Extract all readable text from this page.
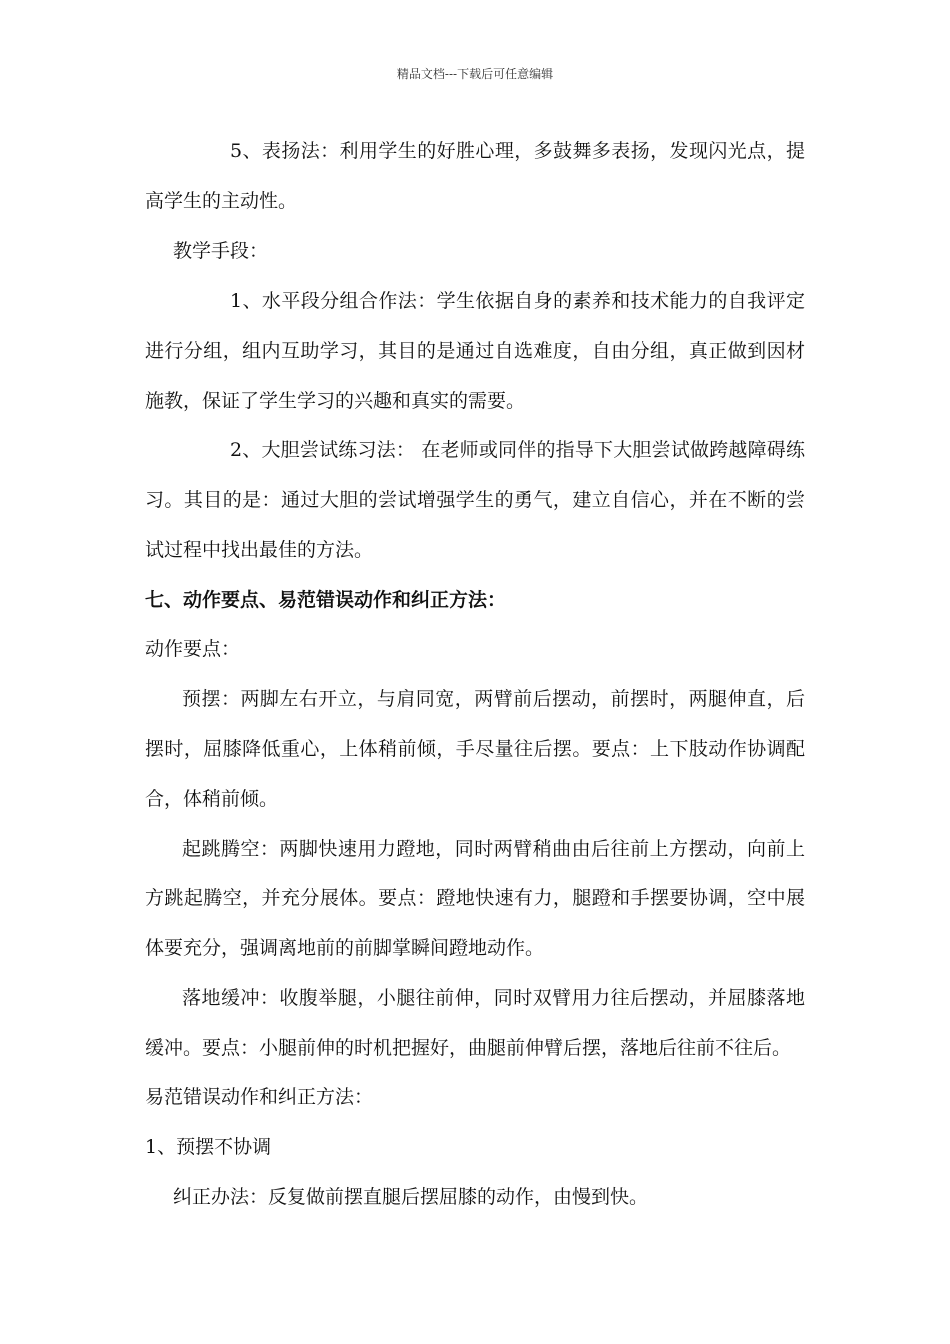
精品文档---下载后可任意编辑
5、表扬法：利用学生的好胜心理，多鼓舞多表扬，发现闪光点，提
高学生的主动性。
教学手段：
1、水平段分组合作法：学生依据自身的素养和技术能力的自我评定
进行分组，组内互助学习，其目的是通过自选难度，自由分组，真正做到因材
施教，保证了学生学习的兴趣和真实的需要。
2、大胆尝试练习法： 在老师或同伴的指导下大胆尝试做跨越障碍练
习。其目的是：通过大胆的尝试增强学生的勇气，建立自信心，并在不断的尝
试过程中找出最佳的方法。
七、动作要点、易范错误动作和纠正方法：
动作要点：
预摆：两脚左右开立，与肩同宽，两臂前后摆动，前摆时，两腿伸直，后
摆时，屈膝降低重心，上体稍前倾，手尽量往后摆。要点：上下肢动作协调配
合，体稍前倾。
起跳腾空：两脚快速用力蹬地，同时两臂稍曲由后往前上方摆动，向前上
方跳起腾空，并充分展体。要点：蹬地快速有力，腿蹬和手摆要协调，空中展
体要充分，强调离地前的前脚掌瞬间蹬地动作。
落地缓冲：收腹举腿，小腿往前伸，同时双臂用力往后摆动，并屈膝落地
缓冲。要点：小腿前伸的时机把握好，曲腿前伸臂后摆，落地后往前不往后。
易范错误动作和纠正方法：
1、预摆不协调
纠正办法：反复做前摆直腿后摆屈膝的动作，由慢到快。
